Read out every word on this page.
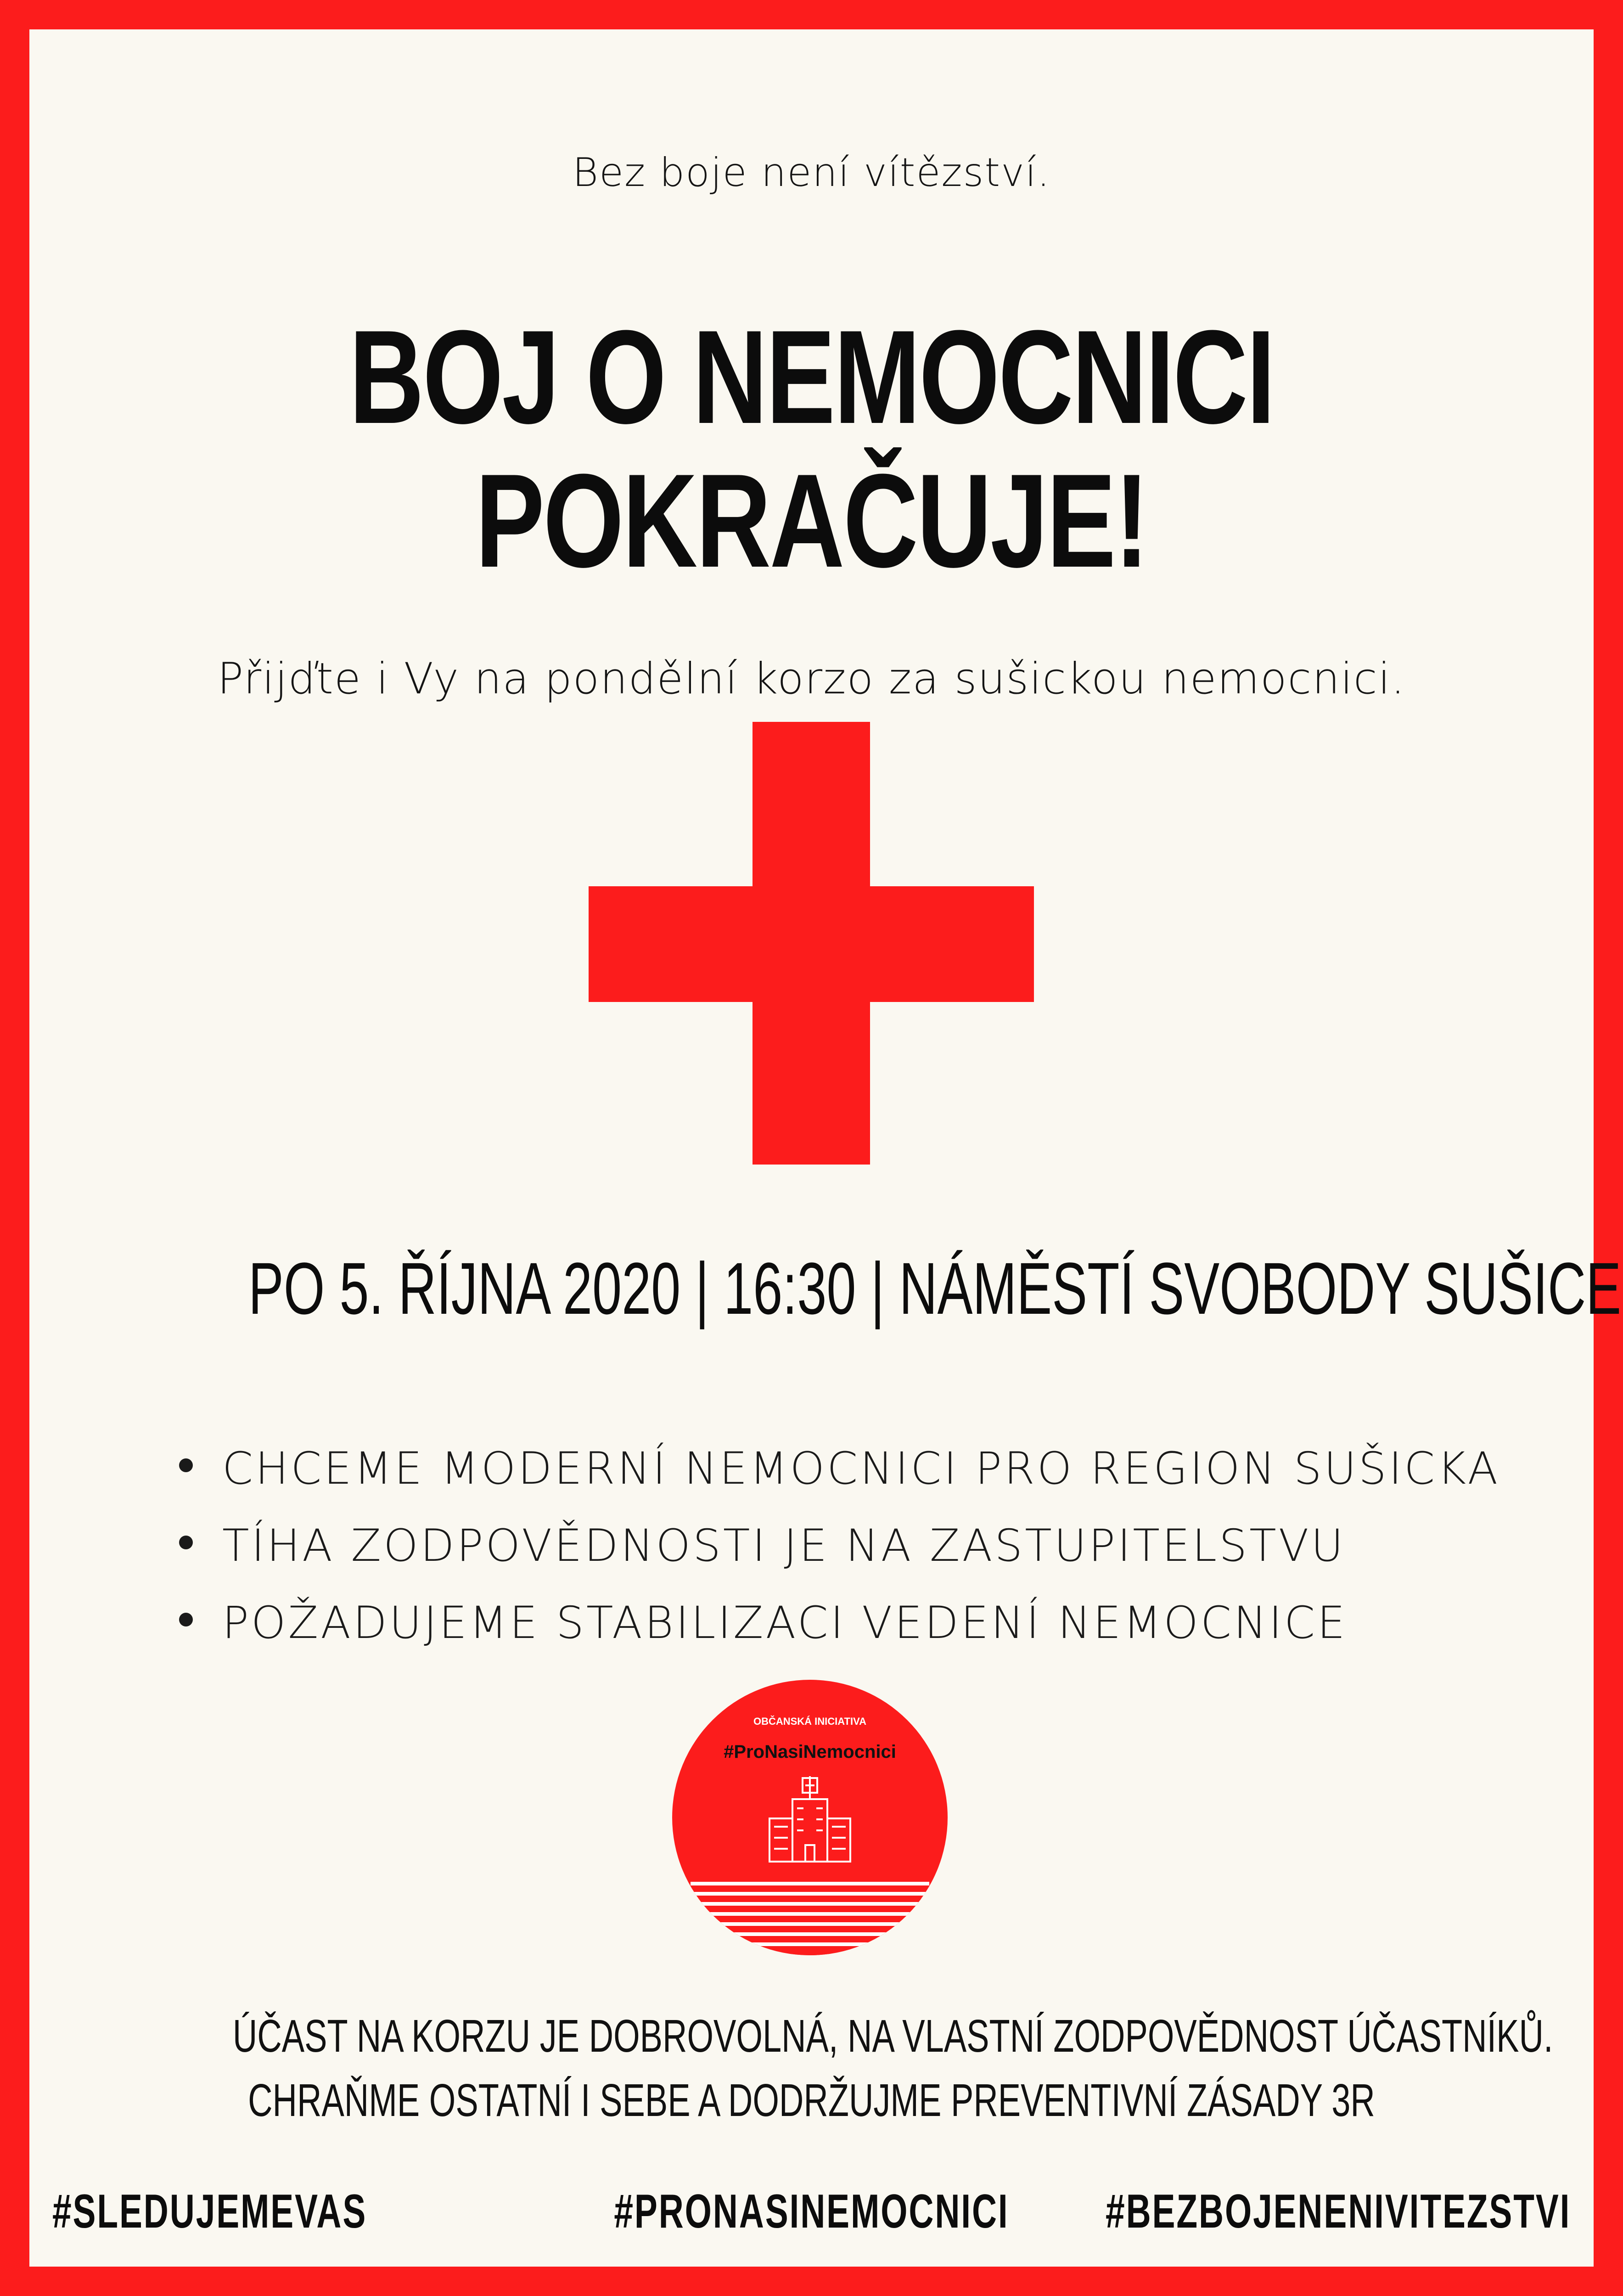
Bez boje není vítězství.
BOJ O NEMOCNICI
POKRAČUJE!
Přijďte i Vy na pondělní korzo za sušickou nemocnici.
PO 5. ŘÍJNA 2020 | 16:30 | NÁMĚSTÍ SVOBODY SUŠICE
CHCEME MODERNÍ NEMOCNICI PRO REGION SUŠICKA
TÍHA ZODPOVĚDNOSTI JE NA ZASTUPITELSTVU
POŽADUJEME STABILIZACI VEDENÍ NEMOCNICE
OBČANSKÁ INICIATIVA
#ProNasiNemocnici
ÚČAST NA KORZU JE DOBROVOLNÁ, NA VLASTNÍ ZODPOVĚDNOST ÚČASTNÍKŮ.
CHRAŇME OSTATNÍ I SEBE A DODRŽUJME PREVENTIVNÍ ZÁSADY 3R
#SLEDUJEMEVAS	#PRONASINEMOCNICI	#BEZBOJENENIVITEZSTVI
